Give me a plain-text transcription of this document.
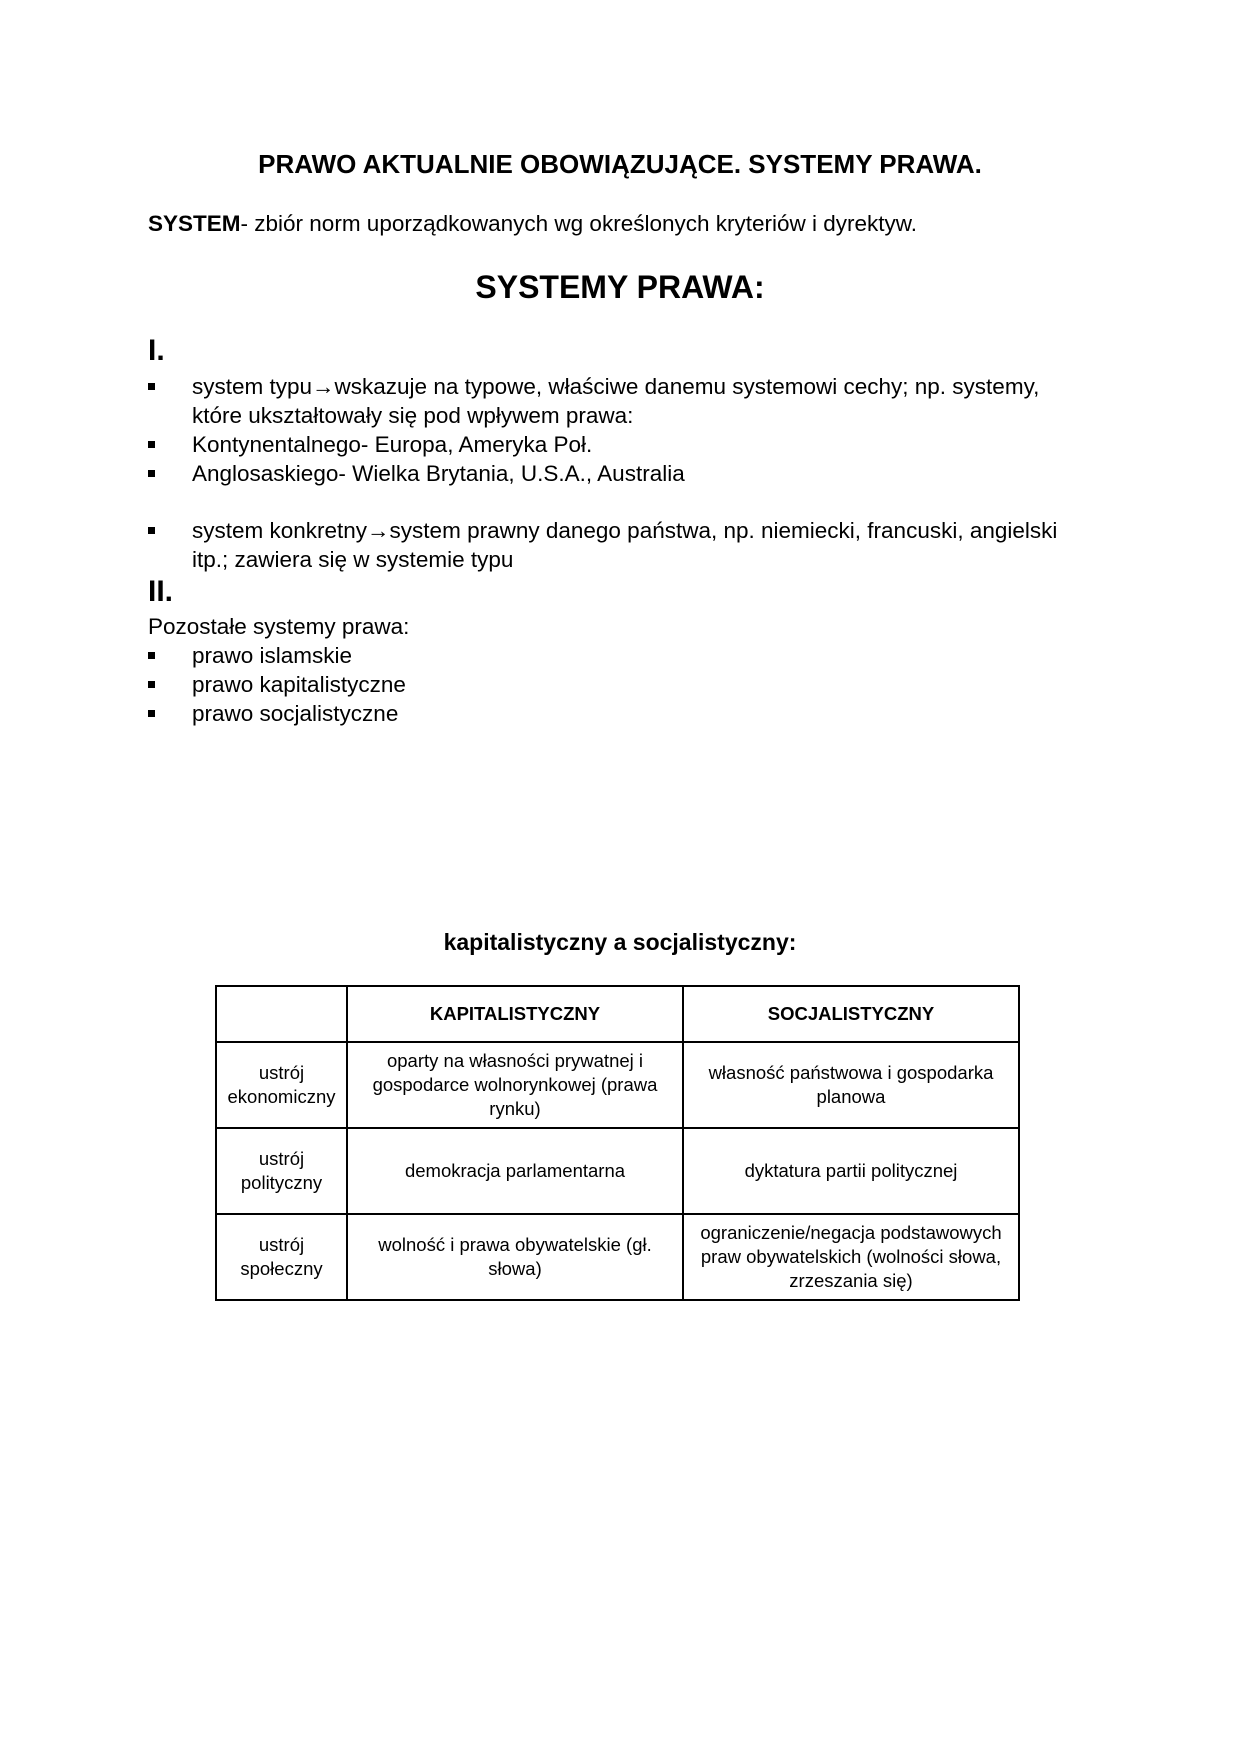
PRAWO AKTUALNIE OBOWIĄZUJĄCE. SYSTEMY PRAWA.
SYSTEM- zbiór norm uporządkowanych wg określonych kryteriów i dyrektyw.
SYSTEMY PRAWA:
I.
system typu→wskazuje na typowe, właściwe danemu systemowi cechy; np. systemy, które ukształtowały się pod wpływem prawa:
Kontynentalnego- Europa, Ameryka Poł.
Anglosaskiego- Wielka Brytania, U.S.A., Australia
system konkretny→system prawny danego państwa, np. niemiecki, francuski, angielski itp.; zawiera się w systemie typu
II.
Pozostałe systemy prawa:
prawo islamskie
prawo kapitalistyczne
prawo socjalistyczne
kapitalistyczny a socjalistyczny:
	KAPITALISTYCZNY	SOCJALISTYCZNY
ustrój ekonomiczny	oparty na własności prywatnej i gospodarce wolnorynkowej (prawa rynku)	własność państwowa i gospodarka planowa
ustrój polityczny	demokracja parlamentarna	dyktatura partii politycznej
ustrój społeczny	wolność i prawa obywatelskie (gł. słowa)	ograniczenie/negacja podstawowych praw obywatelskich (wolności słowa, zrzeszania się)
